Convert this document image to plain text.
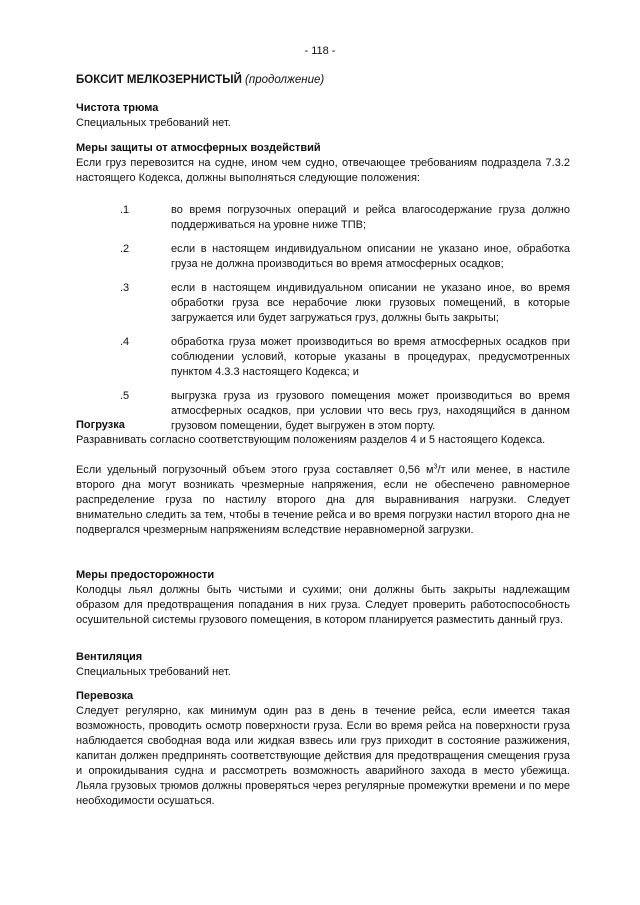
- 118 -
БОКСИТ МЕЛКОЗЕРНИСТЫЙ (продолжение)
Чистота трюма

Специальных требований нет.

Меры защиты от атмосферных воздействий

Если груз перевозится на судне, ином чем судно, отвечающее требованиям подраздела 7.3.2 настоящего Кодекса, должны выполняться следующие положения:

.1	во время погрузочных операций и рейса влагосодержание груза должно поддерживаться на уровне ниже ТПВ;
.2	если в настоящем индивидуальном описании не указано иное, обработка груза не должна производиться во время атмосферных осадков;
.3	если в настоящем индивидуальном описании не указано иное, во время обработки груза все нерабочие люки грузовых помещений, в которые загружается или будет загружаться груз, должны быть закрыты;
.4	обработка груза может производиться во время атмосферных осадков при соблюдении условий, которые указаны в процедурах, предусмотренных пунктом 4.3.3 настоящего Кодекса; и
.5	выгрузка груза из грузового помещения может производиться во время атмосферных осадков, при условии что весь груз, находящийся в данном грузовом помещении, будет выгружен в этом порту.
Погрузка

Разравнивать согласно соответствующим положениям разделов 4 и 5 настоящего Кодекса.

Если удельный погрузочный объем этого груза составляет 0,56 $м^3/т$ или менее, в настиле второго дна могут возникать чрезмерные напряжения, если не обеспечено равномерное распределение груза по настилу второго дна для выравнивания нагрузки. Следует внимательно следить за тем, чтобы в течение рейса и во время погрузки настил второго дна не подвергался чрезмерным напряжениям вследствие неравномерной загрузки.

Меры предосторожности

Колодцы льял должны быть чистыми и сухими; они должны быть закрыты надлежащим образом для предотвращения попадания в них груза. Следует проверить работоспособность осушительной системы грузового помещения, в котором планируется разместить данный груз.

Вентиляция

Специальных требований нет.

Перевозка

Следует регулярно, как минимум один раз в день в течение рейса, если имеется такая возможность, проводить осмотр поверхности груза. Если во время рейса на поверхности груза наблюдается свободная вода или жидкая взвесь или груз приходит в состояние разжижения, капитан должен предпринять соответствующие действия для предотвращения смещения груза и опрокидывания судна и рассмотреть возможность аварийного захода в место убежища. Льяла грузовых трюмов должны проверяться через регулярные промежутки времени и по мере необходимости осушаться.
